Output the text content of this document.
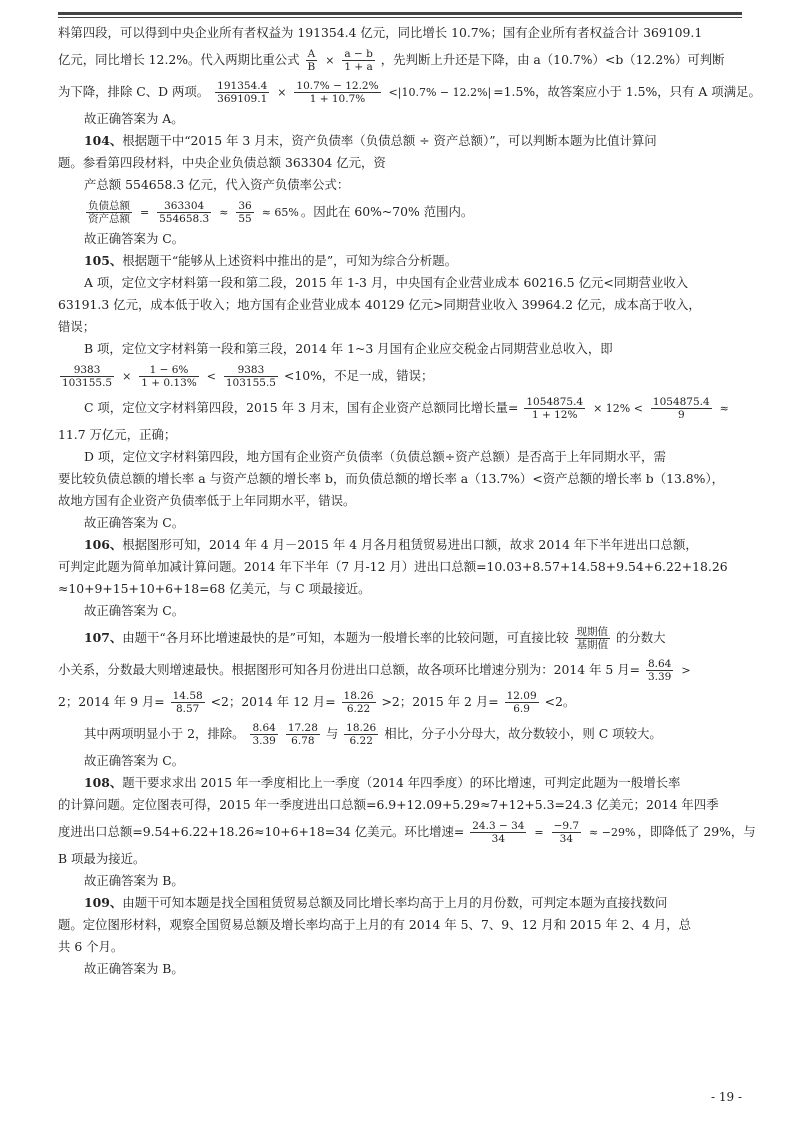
料第四段，可以得到中央企业所有者权益为 191354.4 亿元，同比增长 10.7%；国有企业所有者权益合计 369109.1
亿元，同比增长 12.2%。代入两期比重公式 $\frac{A}{B} \times \frac{a - b}{1 + a}$ ，先判断上升还是下降，由 a（10.7%）<b（12.2%）可判断
为下降，排除 C、D 两项。 $\frac{191354.4}{369109.1} \times \frac{10.7\% - 12.2\%}{1 + 10.7\%} <|10.7\% - 12.2\%| =1.5\%$，故答案应小于 1.5%，只有 A 项满足。
故正确答案为 A。
104、根据题干中“2015 年 3 月末，资产负债率（负债总额 ÷ 资产总额）”，可以判断本题为比值计算问
题。参看第四段材料，中央企业负债总额 363304 亿元，资
产总额 554658.3 亿元，代入资产负债率公式：
$\frac{\text{负债总额}}{\text{资产总额}} = \frac{363304}{554658.3} \approx \frac{36}{55} \approx 65\%$ 。因此在 60%~70% 范围内。
故正确答案为 C。
105、根据题干“能够从上述资料中推出的是”，可知为综合分析题。
A 项，定位文字材料第一段和第二段，2015 年 1-3 月，中央国有企业营业成本 60216.5 亿元<同期营业收入
63191.3 亿元，成本低于收入；地方国有企业营业成本 40129 亿元>同期营业收入 39964.2 亿元，成本高于收入，
错误；
B 项，定位文字材料第一段和第三段，2014 年 1~3 月国有企业应交税金占同期营业总收入，即
$\frac{9383}{103155.5} \times \frac{1 - 6\%}{1 + 0.13\%} < \frac{9383}{103155.5} <10\%$，不足一成，错误；
C 项，定位文字材料第四段，2015 年 3 月末，国有企业资产总额同比增长量= $\frac{1054875.4}{1 + 12\%} \times 12\% < \frac{1054875.4}{9}$ ≈
11.7 万亿元，正确；
D 项，定位文字材料第四段，地方国有企业资产负债率（负债总额÷资产总额）是否高于上年同期水平，需
要比较负债总额的增长率 a 与资产总额的增长率 b，而负债总额的增长率 a（13.7%）<资产总额的增长率 b（13.8%），
故地方国有企业资产负债率低于上年同期水平，错误。
故正确答案为 C。
106、根据图形可知，2014 年 4 月－2015 年 4 月各月租赁贸易进出口额，故求 2014 年下半年进出口总额，
可判定此题为简单加减计算问题。2014 年下半年（7 月-12 月）进出口总额=10.03+8.57+14.58+9.54+6.22+18.26
≈10+9+15+10+6+18=68 亿美元，与 C 项最接近。
故正确答案为 C。
107、由题干“各月环比增速最快的是”可知，本题为一般增长率的比较问题，可直接比较 $\frac{\text{现期值}}{\text{基期值}}$ 的分数大
小关系，分数最大则增速最快。根据图形可知各月份进出口总额，故各项环比增速分别为：2014 年 5 月= $\frac{8.64}{3.39}$ >
2；2014 年 9 月= $\frac{14.58}{8.57} <2$；2014 年 12 月= $\frac{18.26}{6.22} >2$；2015 年 2 月= $\frac{12.09}{6.9} <2$。
其中两项明显小于 2，排除。 $\frac{8.64}{3.39}$
$\frac{17.28}{6.78}$ 与 $\frac{18.26}{6.22}$ 相比，分子小分母大，故分数较小，则 C 项较大。
故正确答案为 C。
108、题干要求求出 2015 年一季度相比上一季度（2014 年四季度）的环比增速，可判定此题为一般增长率
的计算问题。定位图表可得，2015 年一季度进出口总额=6.9+12.09+5.29≈7+12+5.3=24.3 亿美元；2014 年四季
度进出口总额=9.54+6.22+18.26≈10+6+18=34 亿美元。环比增速= $\frac{24.3 - 34}{34} = \frac{-9.7}{34} \approx -29\%$ ，即降低了 29%，与
B 项最为接近。
故正确答案为 B。
109、由题干可知本题是找全国租赁贸易总额及同比增长率均高于上月的月份数，可判定本题为直接找数问
题。定位图形材料，观察全国贸易总额及增长率均高于上月的有 2014 年 5、7、9、12 月和 2015 年 2、4 月，总
共 6 个月。
故正确答案为 B。
- 19 -
